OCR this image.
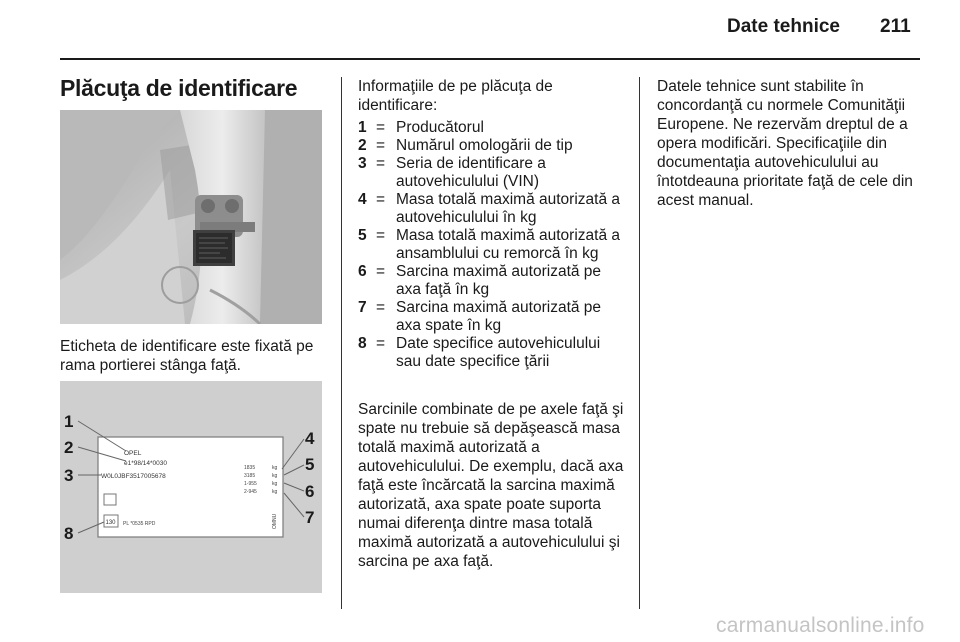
Date tehnice 211
Plăcuţa de identificare
Eticheta de identificare este fixată pe rama portierei stânga faţă.
OPEL
e1*98/14*0030
W0L0JBF3517005678
1835
3185
1-955
2-945
kg
kg
kg
kg
130 PL *0535 RPD	OMNU
1
2
3
4
5
6
7
8
Informaţiile de pe plăcuţa de identificare:
1 = Producătorul
2 = Numărul omologării de tip
3 = Seria de identificare a autovehiculului (VIN)
4 = Masa totală maximă autorizată a autovehiculului în kg
5 = Masa totală maximă autorizată a ansamblului cu remorcă în kg
6 = Sarcina maximă autorizată pe axa faţă în kg
7 = Sarcina maximă autorizată pe axa spate în kg
8 = Date specifice autovehiculului sau date specifice ţării
Sarcinile combinate de pe axele faţă şi spate nu trebuie să depăşească masa totală maximă autorizată a autovehiculului. De exemplu, dacă axa faţă este încărcată la sarcina maximă autorizată, axa spate poate suporta numai diferenţa dintre masa totală maximă autorizată a autovehiculului şi sarcina pe axa faţă.
Datele tehnice sunt stabilite în concordanţă cu normele Comunităţii Europene. Ne rezervăm dreptul de a opera modificări. Specificaţiile din documentaţia autovehiculului au întotdeauna prioritate faţă de cele din acest manual.
carmanualsonline.info
